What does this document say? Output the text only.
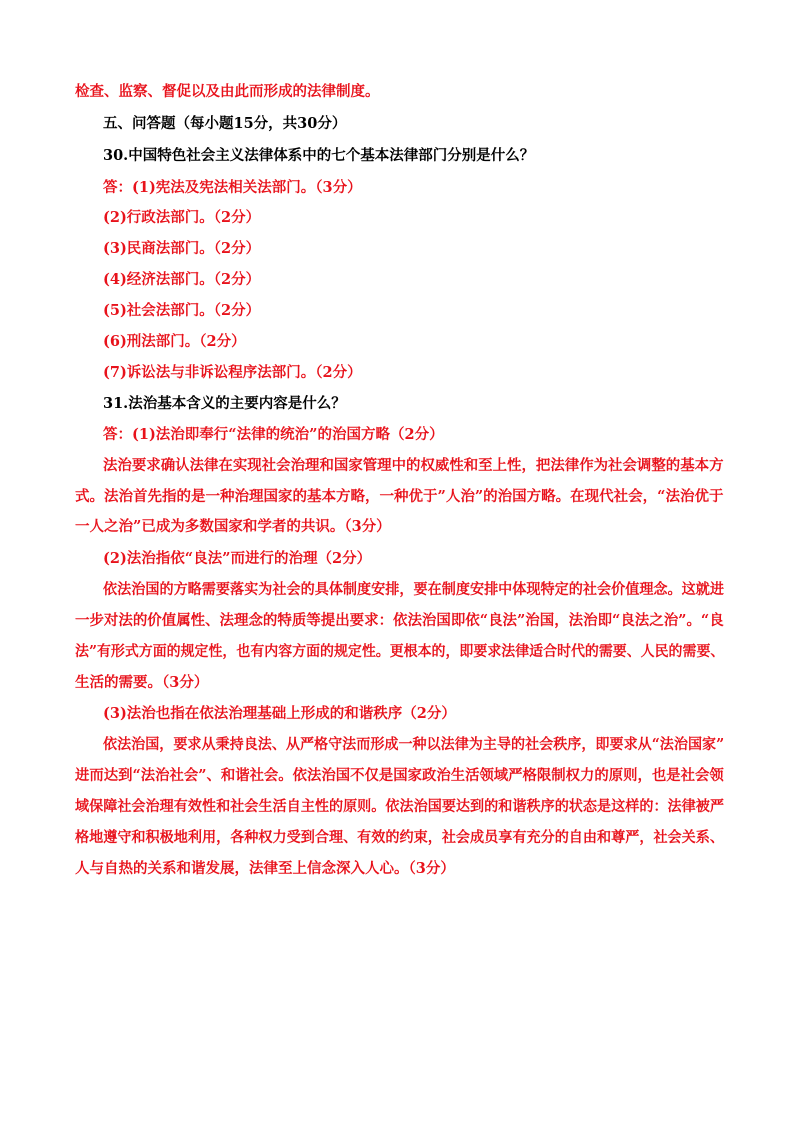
检查、监察、督促以及由此而形成的法律制度。
五、问答题（每小题15分，共30分）
30.中国特色社会主义法律体系中的七个基本法律部门分别是什么？
答：(1)宪法及宪法相关法部门。（3分）
(2)行政法部门。（2分）
(3)民商法部门。（2分）
(4)经济法部门。（2分）
(5)社会法部门。（2分）
(6)刑法部门。（2分）
(7)诉讼法与非诉讼程序法部门。（2分）
31.法治基本含义的主要内容是什么？
答：(1)法治即奉行“法律的统治”的治国方略（2分）
法治要求确认法律在实现社会治理和国家管理中的权威性和至上性，把法律作为社会调整的基本方
式。法治首先指的是一种治理国家的基本方略，一种优于”人治”的治国方略。在现代社会，“法治优于
一人之治”已成为多数国家和学者的共识。（3分）
(2)法治指依“良法”而进行的治理（2分）
依法治国的方略需要落实为社会的具体制度安排，要在制度安排中体现特定的社会价值理念。这就进
一步对法的价值属性、法理念的特质等提出要求：依法治国即依“良法”治国，法治即“良法之治”。“良
法”有形式方面的规定性，也有内容方面的规定性。更根本的，即要求法律适合时代的需要、人民的需要、
生活的需要。（3分）
(3)法治也指在依法治理基础上形成的和谐秩序（2分）
依法治国，要求从秉持良法、从严格守法而形成一种以法律为主导的社会秩序，即要求从“法治国家”
进而达到“法治社会”、和谐社会。依法治国不仅是国家政治生活领域严格限制权力的原则，也是社会领
域保障社会治理有效性和社会生活自主性的原则。依法治国要达到的和谐秩序的状态是这样的：法律被严
格地遵守和积极地利用，各种权力受到合理、有效的约束，社会成员享有充分的自由和尊严，社会关系、
人与自热的关系和谐发展，法律至上信念深入人心。（3分）
